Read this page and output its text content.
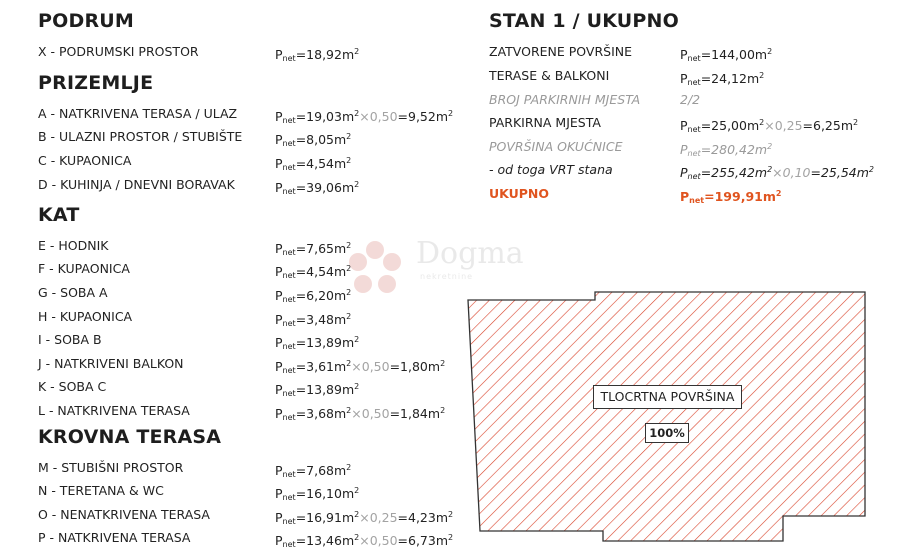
Dogma
nekretnine
TLOCRTNA POVRŠINA
100%
PODRUM
X - PODRUMSKI PROSTOR	$P_{net}=18,92m^2$
PRIZEMLJE
A - NATKRIVENA TERASA / ULAZ	$P_{net}=19,03m^2\times 0,50=9,52m^2$
B - ULAZNI PROSTOR / STUBIŠTE	$P_{net}=8,05m^2$
C - KUPAONICA	$P_{net}=4,54m^2$
D - KUHINJA / DNEVNI BORAVAK	$P_{net}=39,06m^2$
KAT
E - HODNIK	$P_{net}=7,65m^2$
F - KUPAONICA	$P_{net}=4,54m^2$
G - SOBA A	$P_{net}=6,20m^2$
H - KUPAONICA	$P_{net}=3,48m^2$
I - SOBA B	$P_{net}=13,89m^2$
J - NATKRIVENI BALKON	$P_{net}=3,61m^2\times 0,50=1,80m^2$
K - SOBA C	$P_{net}=13,89m^2$
L - NATKRIVENA TERASA	$P_{net}=3,68m^2\times 0,50=1,84m^2$
KROVNA TERASA
M - STUBIŠNI PROSTOR	$P_{net}=7,68m^2$
N - TERETANA & WC	$P_{net}=16,10m^2$
O - NENATKRIVENA TERASA	$P_{net}=16,91m^2\times 0,25=4,23m^2$
P - NATKRIVENA TERASA	$P_{net}=13,46m^2\times 0,50=6,73m^2$
STAN 1 / UKUPNO
ZATVORENE POVRŠINE	$P_{net}=144,00m^2$
TERASE & BALKONI	$P_{net}=24,12m^2$
BROJ PARKIRNIH MJESTA	2/2
PARKIRNA MJESTA	$P_{net}=25,00m^2\times 0,25=6,25m^2$
POVRŠINA OKUĆNICE	$P_{net}=280,42m^2$
- od toga VRT stana	$P_{net}=255,42m^2\times 0,10=25,54m^2$
UKUPNO	$P_{net}=199,91m^2$
